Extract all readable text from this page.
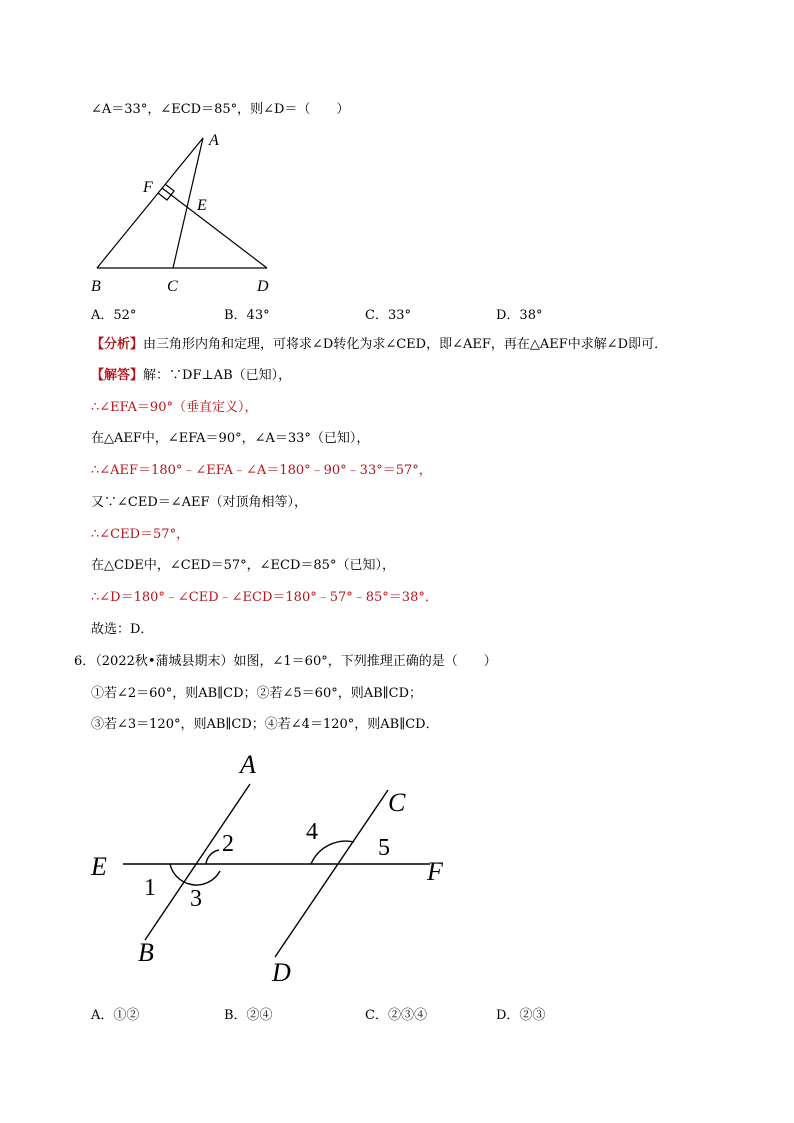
∠A＝33°，∠ECD＝85°，则∠D＝（　　）
A
F
E
B	C	D
A．52°	B．43°	C．33°	D．38°
【分析】由三角形内角和定理，可将求∠D转化为求∠CED，即∠AEF，再在△AEF中求解∠D即可．
【解答】解：∵DF⊥AB（已知），
∴∠EFA＝90°（垂直定义），
在△AEF中，∠EFA＝90°，∠A＝33°（已知），
∴∠AEF＝180°﹣∠EFA﹣∠A＝180°﹣90°﹣33°＝57°，
又∵∠CED＝∠AEF（对顶角相等），
∴∠CED＝57°，
在△CDE中，∠CED＝57°，∠ECD＝85°（已知），
∴∠D＝180°﹣∠CED﹣∠ECD＝180°﹣57°﹣85°＝38°．
故选：D．
6．（2022秋•蒲城县期末）如图，∠1＝60°，下列推理正确的是（　　）
①若∠2＝60°，则AB∥CD；②若∠5＝60°，则AB∥CD；
③若∠3＝120°，则AB∥CD；④若∠4＝120°，则AB∥CD．
A
C
E	F
B
D
1
2
3
4
5
A．①②	B．②④	C．②③④	D．②③
